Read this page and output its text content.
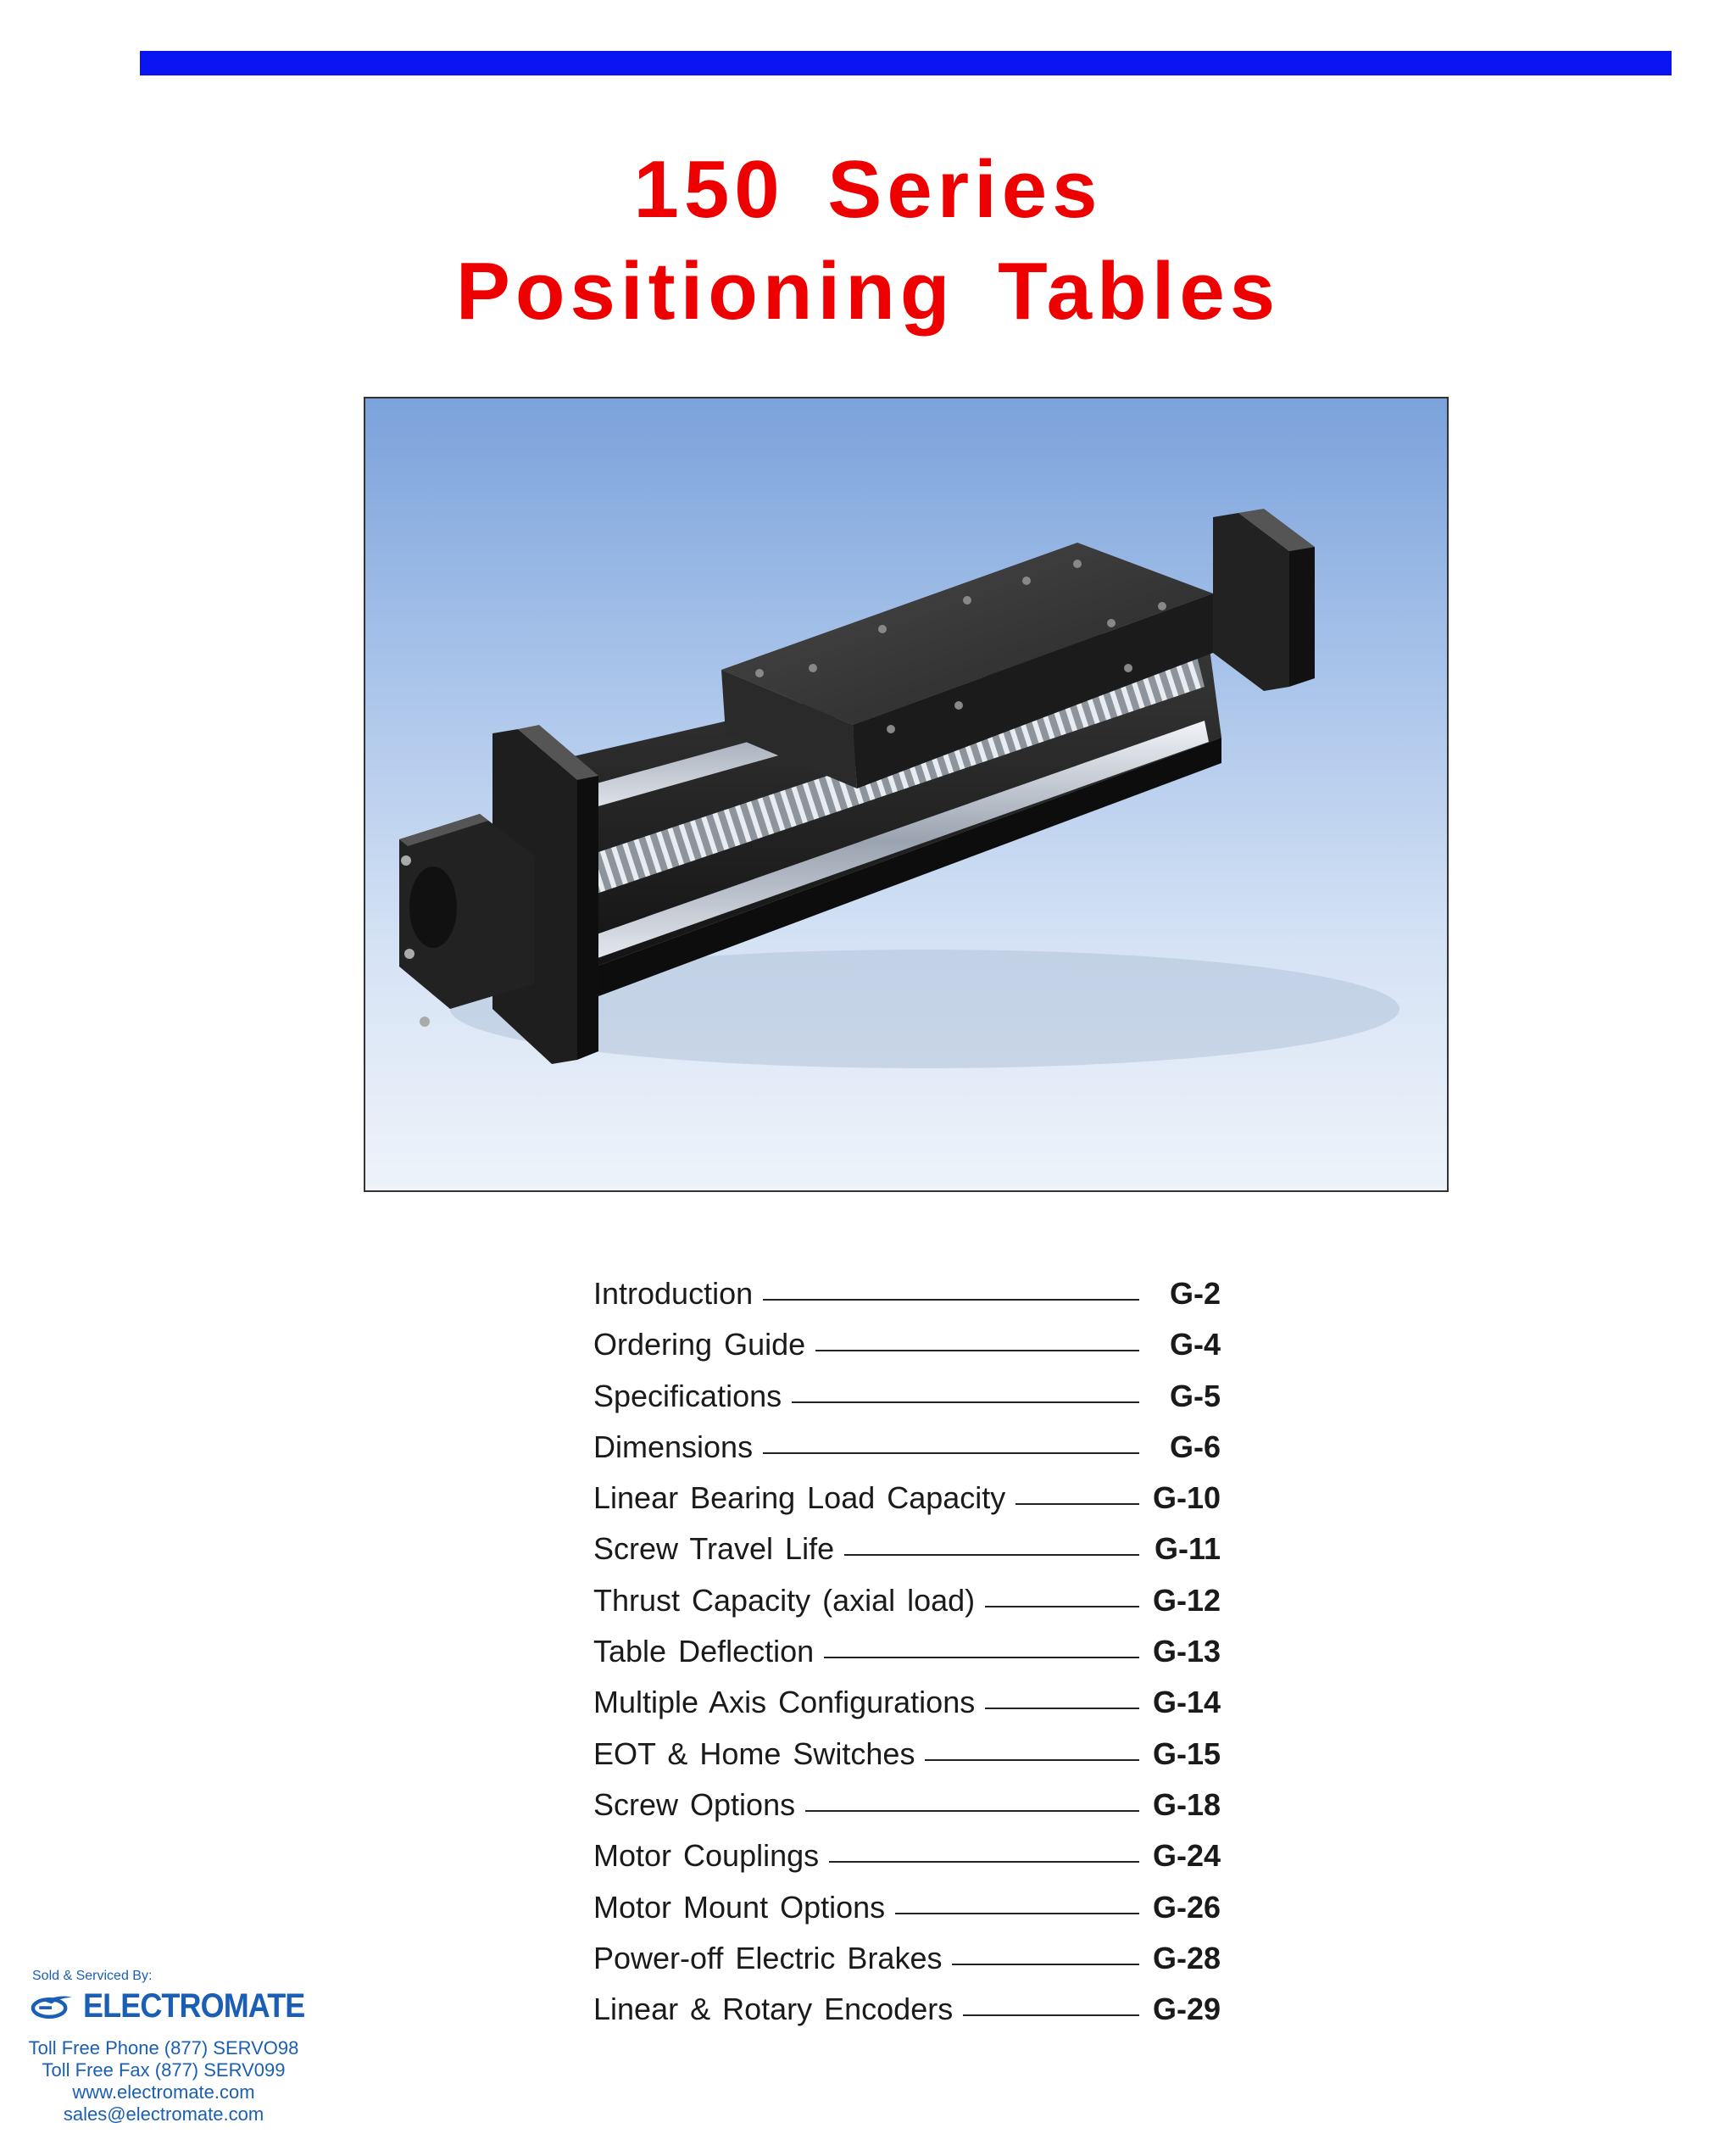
150 Series
Positioning Tables
Introduction	G-2
Ordering Guide	G-4
Specifications	G-5
Dimensions	G-6
Linear Bearing Load Capacity	G-10
Screw Travel Life	G-11
Thrust Capacity (axial load)	G-12
Table Deflection	G-13
Multiple Axis Configurations	G-14
EOT & Home Switches	G-15
Screw Options	G-18
Motor Couplings	G-24
Motor Mount Options	G-26
Power-off Electric Brakes	G-28
Linear & Rotary Encoders	G-29
Sold & Serviced By:
ELECTROMATE
Toll Free Phone (877) SERVO98
Toll Free Fax (877) SERV099
www.electromate.com
sales@electromate.com
